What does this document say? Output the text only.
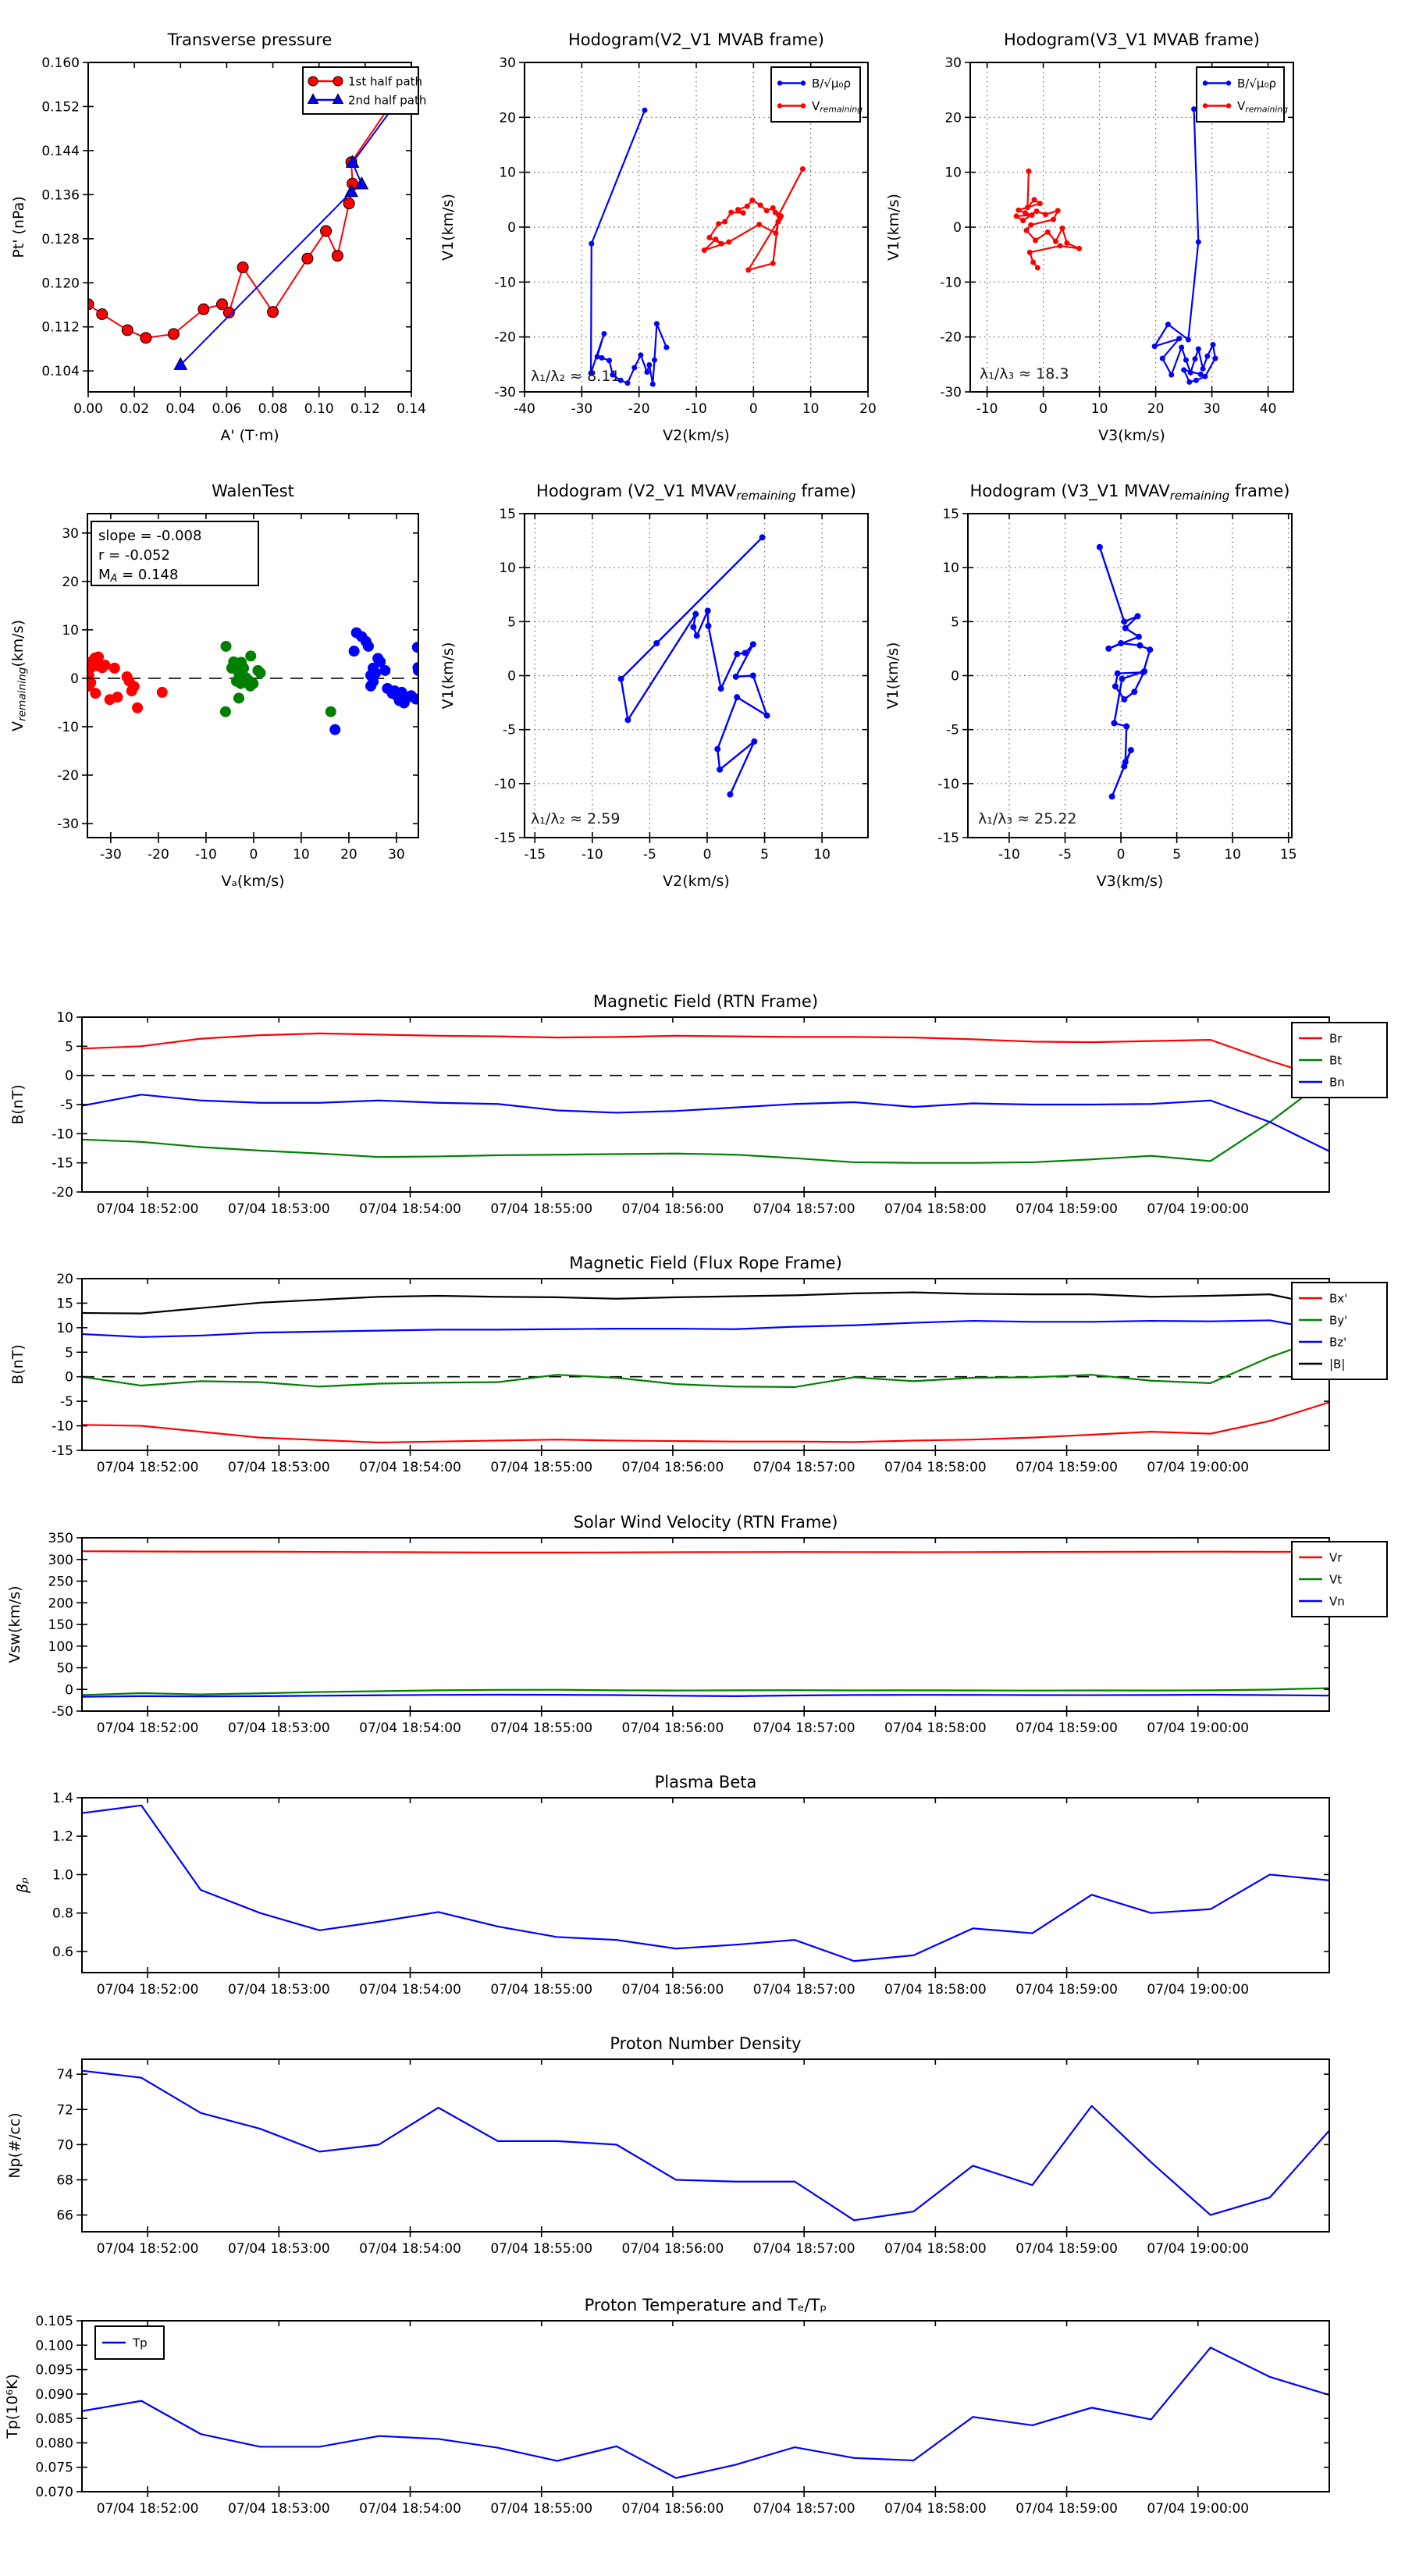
0.00 0.02 0.04 0.06 0.08 0.10 0.12 0.14
0.104
0.112
0.120
0.128
0.136
0.144
0.152
0.160
Transverse pressure
A' (T·m)
Pt' (nPa)
1st half path
2nd half path
-40	-30	-20	-10	0	10	20
-30
-20
-10
0
10
20
30
Hodogram(V2_V1 MVAB frame)
V2(km/s)
V1(km/s)
λ₁/λ₂ ≈ 8.11
B/√μ₀ρ
Vremaining
-10	0	10	20	30	40
-30
-20
-10
0
10
20
30
Hodogram(V3_V1 MVAB frame)
V3(km/s)
V1(km/s)
λ₁/λ₃ ≈ 18.3
B/√μ₀ρ
Vremaining
-30 -20 -10 0	10 20 30
-30
-20
-10
0
10
20
30
WalenTest
Vₐ(km/s)
Vremaining(km/s)
slope = -0.008
r = -0.052
MA = 0.148
-15	-10	-5	0	5	10
-15
-10
-5
0
5
10
15
Hodogram (V2_V1 MVAVremaining frame)
V2(km/s)
V1(km/s)
λ₁/λ₂ ≈ 2.59
-10	-5	0	5	10	15
-15
-10
-5
0
5
10
15
Hodogram (V3_V1 MVAVremaining frame)
V3(km/s)
V1(km/s)
λ₁/λ₃ ≈ 25.22
07/04 18:52:00 07/04 18:53:00 07/04 18:54:00 07/04 18:55:00 07/04 18:56:00 07/04 18:57:00 07/04 18:58:00 07/04 18:59:00 07/04 19:00:00
-20
-15
-10
-5
0
5
10
Magnetic Field (RTN Frame)
B(nT)
Br
Bt
Bn
07/04 18:52:00 07/04 18:53:00 07/04 18:54:00 07/04 18:55:00 07/04 18:56:00 07/04 18:57:00 07/04 18:58:00 07/04 18:59:00 07/04 19:00:00
-15
-10
-5
0
5
10
15
20
Magnetic Field (Flux Rope Frame)
B(nT)
Bx'
By'
Bz'
|B|
07/04 18:52:00 07/04 18:53:00 07/04 18:54:00 07/04 18:55:00 07/04 18:56:00 07/04 18:57:00 07/04 18:58:00 07/04 18:59:00 07/04 19:00:00
-50
0
50
100
150
200
250
300
350
Solar Wind Velocity (RTN Frame)
Vsw(km/s)
Vr
Vt
Vn
07/04 18:52:00 07/04 18:53:00 07/04 18:54:00 07/04 18:55:00 07/04 18:56:00 07/04 18:57:00 07/04 18:58:00 07/04 18:59:00 07/04 19:00:00
0.6
0.8
1.0
1.2
1.4
Plasma Beta
βₚ
07/04 18:52:00 07/04 18:53:00 07/04 18:54:00 07/04 18:55:00 07/04 18:56:00 07/04 18:57:00 07/04 18:58:00 07/04 18:59:00 07/04 19:00:00
66
68
70
72
74
Proton Number Density
Np(#/cc)
07/04 18:52:00 07/04 18:53:00 07/04 18:54:00 07/04 18:55:00 07/04 18:56:00 07/04 18:57:00 07/04 18:58:00 07/04 18:59:00 07/04 19:00:00
0.070
0.075
0.080
0.085
0.090
0.095
0.100
0.105
Proton Temperature and Tₑ/Tₚ
Tp(10⁶K)
Tp
